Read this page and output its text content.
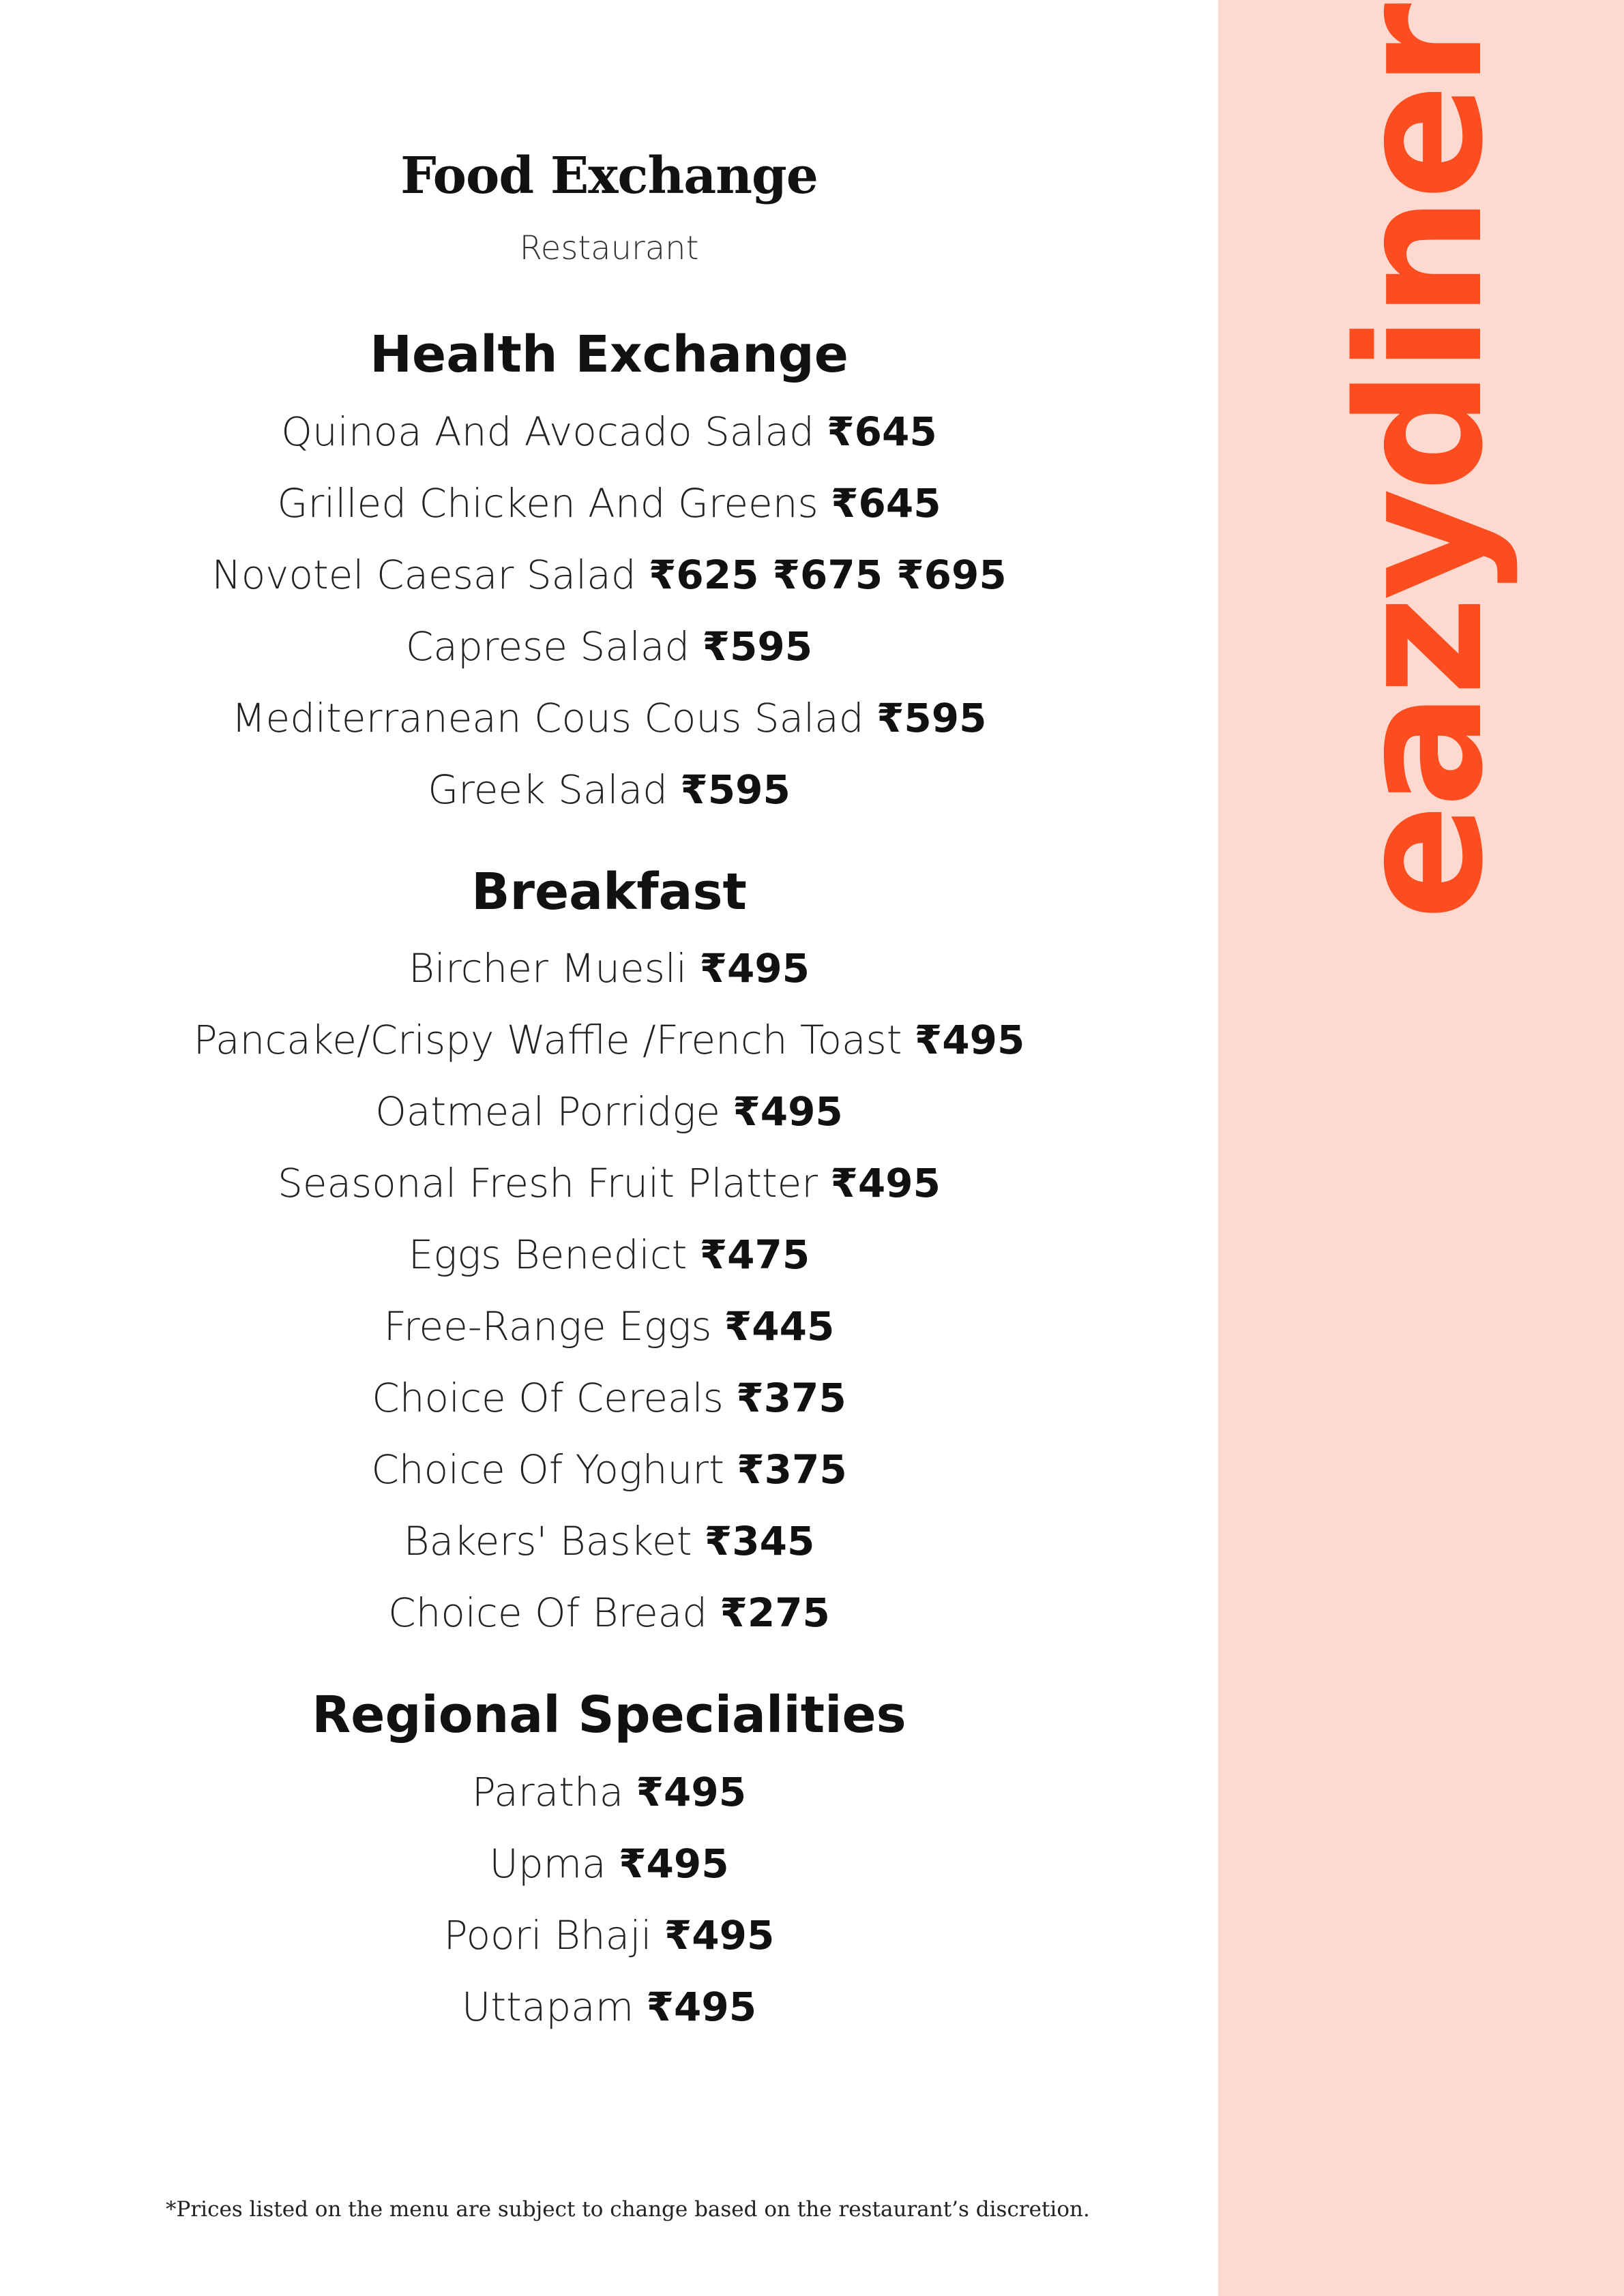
Food Exchange
Restaurant
Health Exchange
Quinoa And Avocado Salad ₹645
Grilled Chicken And Greens ₹645
Novotel Caesar Salad ₹625 ₹675 ₹695
Caprese Salad ₹595
Mediterranean Cous Cous Salad ₹595
Greek Salad ₹595
Breakfast
Bircher Muesli ₹495
Pancake/Crispy Waffle /French Toast ₹495
Oatmeal Porridge ₹495
Seasonal Fresh Fruit Platter ₹495
Eggs Benedict ₹475
Free-Range Eggs ₹445
Choice Of Cereals ₹375
Choice Of Yoghurt ₹375
Bakers' Basket ₹345
Choice Of Bread ₹275
Regional Specialities
Paratha ₹495
Upma ₹495
Poori Bhaji ₹495
Uttapam ₹495
*Prices listed on the menu are subject to change based on the restaurant’s discretion.
eazydiner
